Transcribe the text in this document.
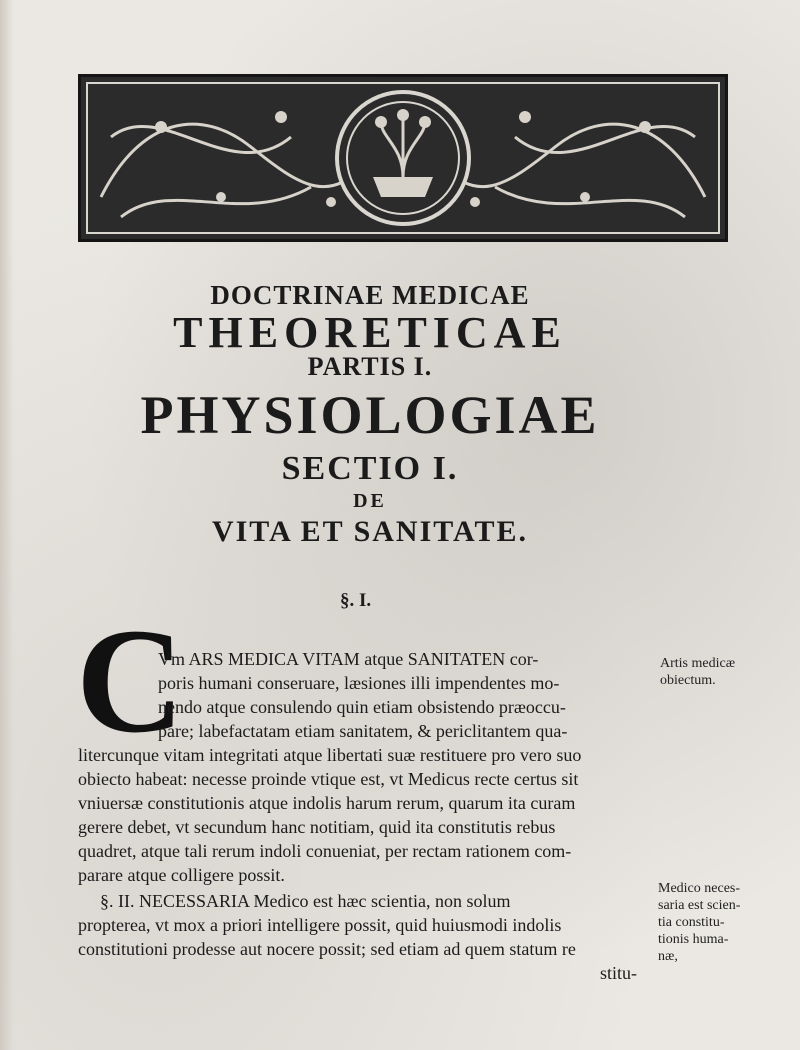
DOCTRINAE MEDICAE
THEORETICAE
PARTIS I.
PHYSIOLOGIAE
SECTIO I.
DE
VITA ET SANITATE.
§. I.
C
Vm ARS MEDICA VITAM atque SANITATEN cor-
poris humani conseruare, læsiones illi impendentes mo-
nendo atque consulendo quin etiam obsistendo præoccu-
pare; labefactatam etiam sanitatem, & periclitantem qua-
litercunque vitam integritati atque libertati suæ restituere pro vero suo
obiecto habeat: necesse proinde vtique est, vt Medicus recte certus sit
vniuersæ constitutionis atque indolis harum rerum, quarum ita curam
gerere debet, vt secundum hanc notitiam, quid ita constitutis rebus
quadret, atque tali rerum indoli conueniat, per rectam rationem com-
parare atque colligere possit.
§. II. NECESSARIA Medico est hæc scientia, non solum
propterea, vt mox a priori intelligere possit, quid huiusmodi indolis
constitutioni prodesse aut nocere possit; sed etiam ad quem statum re
stitu-
Artis medicæ
obiectum.
Medico neces-
saria est scien-
tia constitu-
tionis huma-
næ,
